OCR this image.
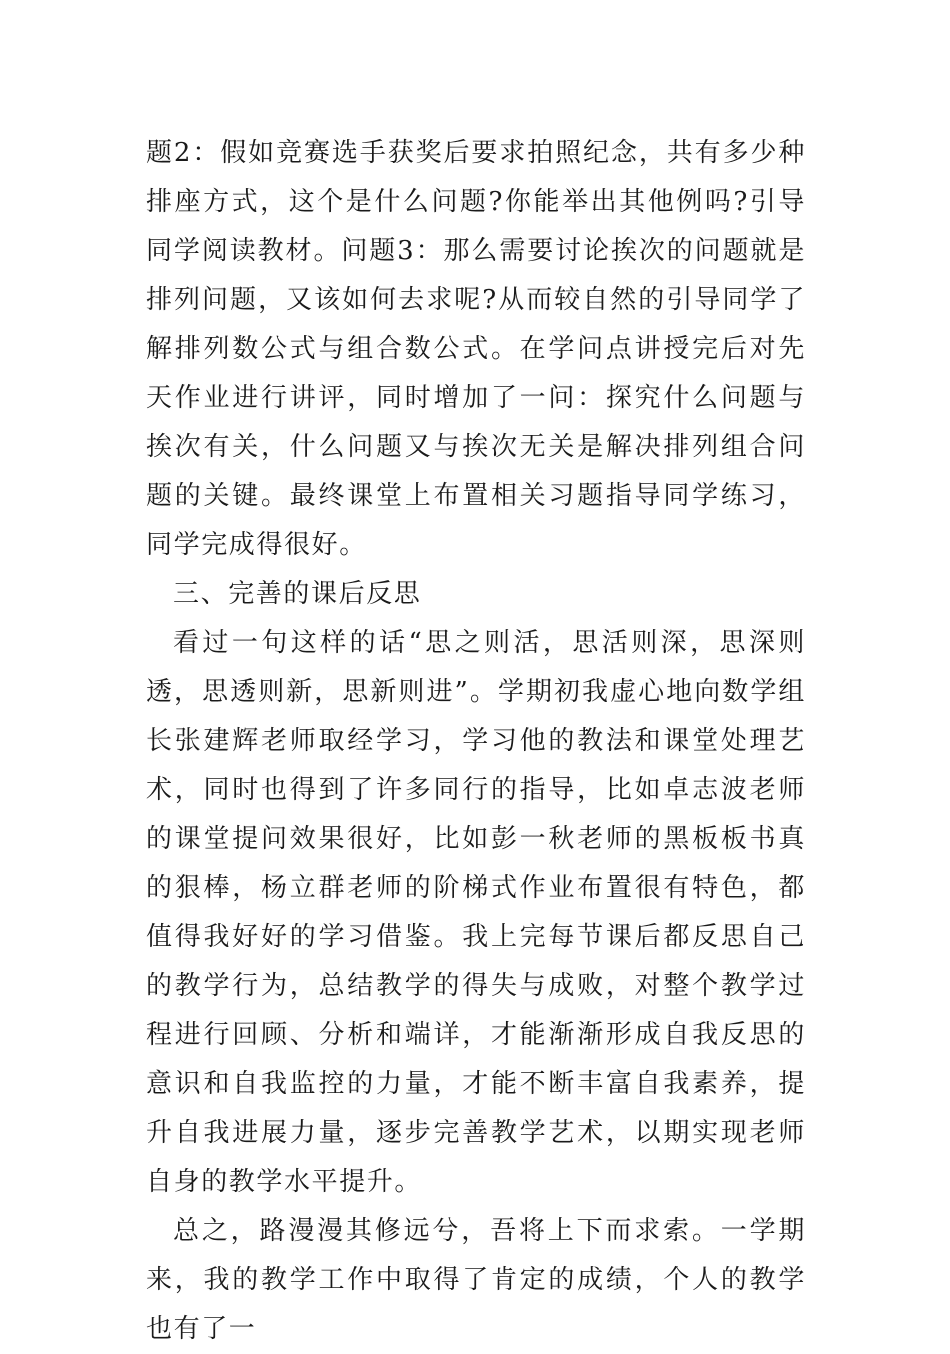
题2：假如竞赛选手获奖后要求拍照纪念，共有多少种排座方式，这个是什么问题?你能举出其他例吗?引导同学阅读教材。问题3：那么需要讨论挨次的问题就是排列问题，又该如何去求呢?从而较自然的引导同学了解排列数公式与组合数公式。在学问点讲授完后对先天作业进行讲评，同时增加了一问：探究什么问题与挨次有关，什么问题又与挨次无关是解决排列组合问题的关键。最终课堂上布置相关习题指导同学练习，同学完成得很好。

三、完善的课后反思

看过一句这样的话“思之则活，思活则深，思深则透，思透则新，思新则进”。学期初我虚心地向数学组长张建辉老师取经学习，学习他的教法和课堂处理艺术，同时也得到了许多同行的指导，比如卓志波老师的课堂提问效果很好，比如彭一秋老师的黑板板书真的狠棒，杨立群老师的阶梯式作业布置很有特色，都值得我好好的学习借鉴。我上完每节课后都反思自己的教学行为，总结教学的得失与成败，对整个教学过程进行回顾、分析和端详，才能渐渐形成自我反思的意识和自我监控的力量，才能不断丰富自我素养，提升自我进展力量，逐步完善教学艺术，以期实现老师自身的教学水平提升。

总之，路漫漫其修远兮，吾将上下而求索。一学期来，我的教学工作中取得了肯定的成绩，个人的教学也有了一
